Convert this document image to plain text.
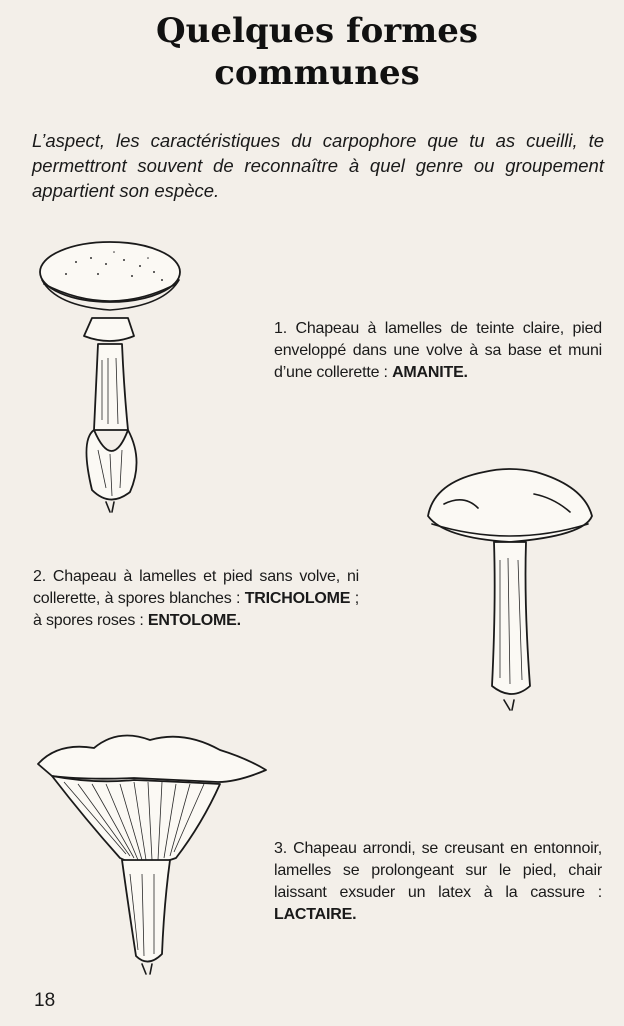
Quelques formes
communes
L’aspect, les caractéristiques du carpophore que tu as cueilli, te permettront souvent de reconnaître à quel genre ou groupement appartient son espèce.
1. Chapeau à lamelles de teinte claire, pied enveloppé dans une volve à sa base et muni d’une collerette : AMANITE.
2. Chapeau à lamelles et pied sans volve, ni collerette, à spores blanches : TRICHOLOME ; à spores roses : ENTOLOME.
3. Chapeau arrondi, se creusant en entonnoir, lamelles se prolongeant sur le pied, chair laissant exsuder un latex à la cassure : LACTAIRE.
18
